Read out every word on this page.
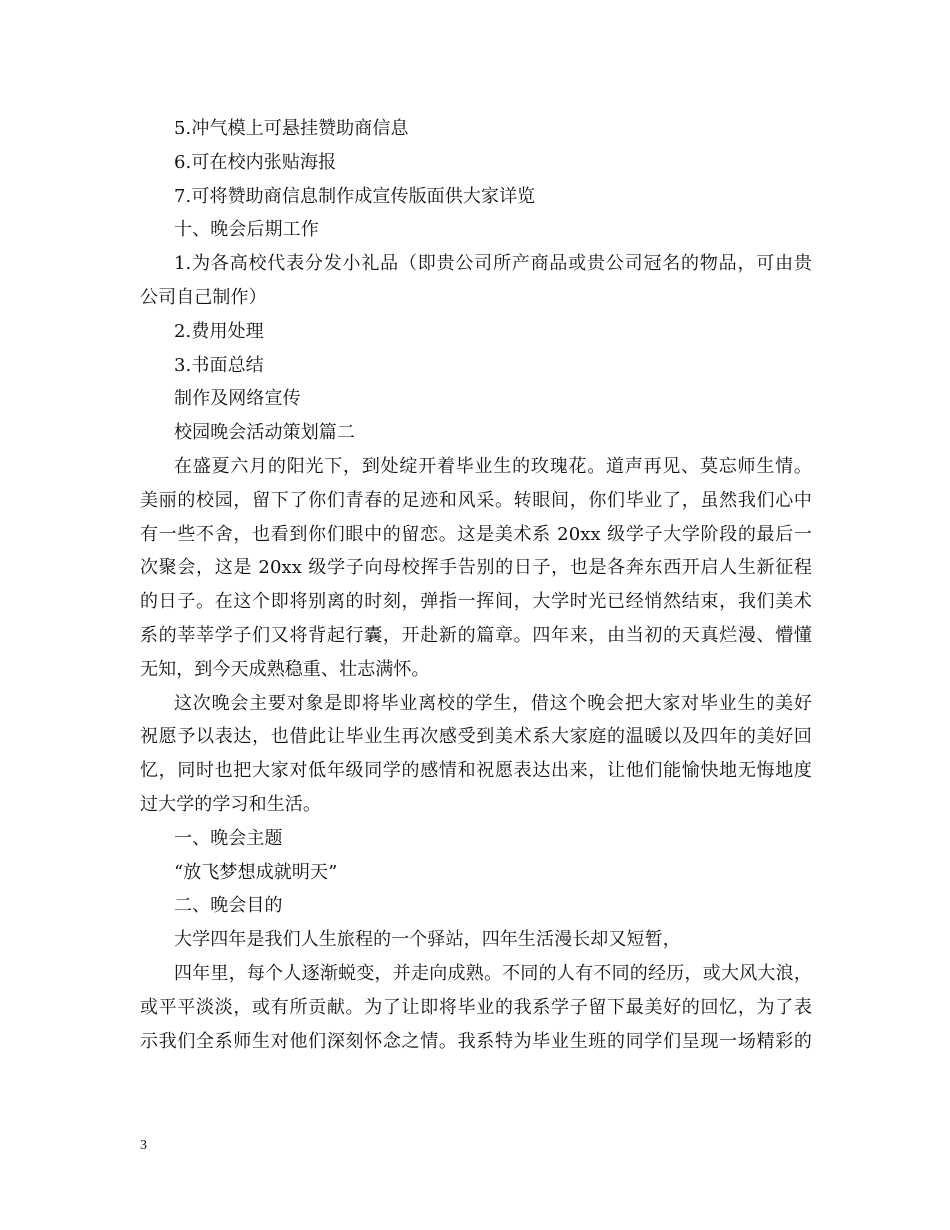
5.冲气模上可悬挂赞助商信息
6.可在校内张贴海报
7.可将赞助商信息制作成宣传版面供大家详览
十、晚会后期工作
1.为各高校代表分发小礼品（即贵公司所产商品或贵公司冠名的物品，可由贵
公司自己制作）
2.费用处理
3.书面总结
制作及网络宣传
校园晚会活动策划篇二
在盛夏六月的阳光下，到处绽开着毕业生的玫瑰花。道声再见、莫忘师生情。
美丽的校园，留下了你们青春的足迹和风采。转眼间，你们毕业了，虽然我们心中
有一些不舍，也看到你们眼中的留恋。这是美术系 20xx 级学子大学阶段的最后一
次聚会，这是 20xx 级学子向母校挥手告别的日子，也是各奔东西开启人生新征程
的日子。在这个即将别离的时刻，弹指一挥间，大学时光已经悄然结束，我们美术
系的莘莘学子们又将背起行囊，开赴新的篇章。四年来，由当初的天真烂漫、懵懂
无知，到今天成熟稳重、壮志满怀。
这次晚会主要对象是即将毕业离校的学生，借这个晚会把大家对毕业生的美好
祝愿予以表达，也借此让毕业生再次感受到美术系大家庭的温暖以及四年的美好回
忆，同时也把大家对低年级同学的感情和祝愿表达出来，让他们能愉快地无悔地度
过大学的学习和生活。
一、晚会主题
“放飞梦想成就明天”
二、晚会目的
大学四年是我们人生旅程的一个驿站，四年生活漫长却又短暂，
四年里，每个人逐渐蜕变，并走向成熟。不同的人有不同的经历，或大风大浪，
或平平淡淡，或有所贡献。为了让即将毕业的我系学子留下最美好的回忆，为了表
示我们全系师生对他们深刻怀念之情。我系特为毕业生班的同学们呈现一场精彩的
3
